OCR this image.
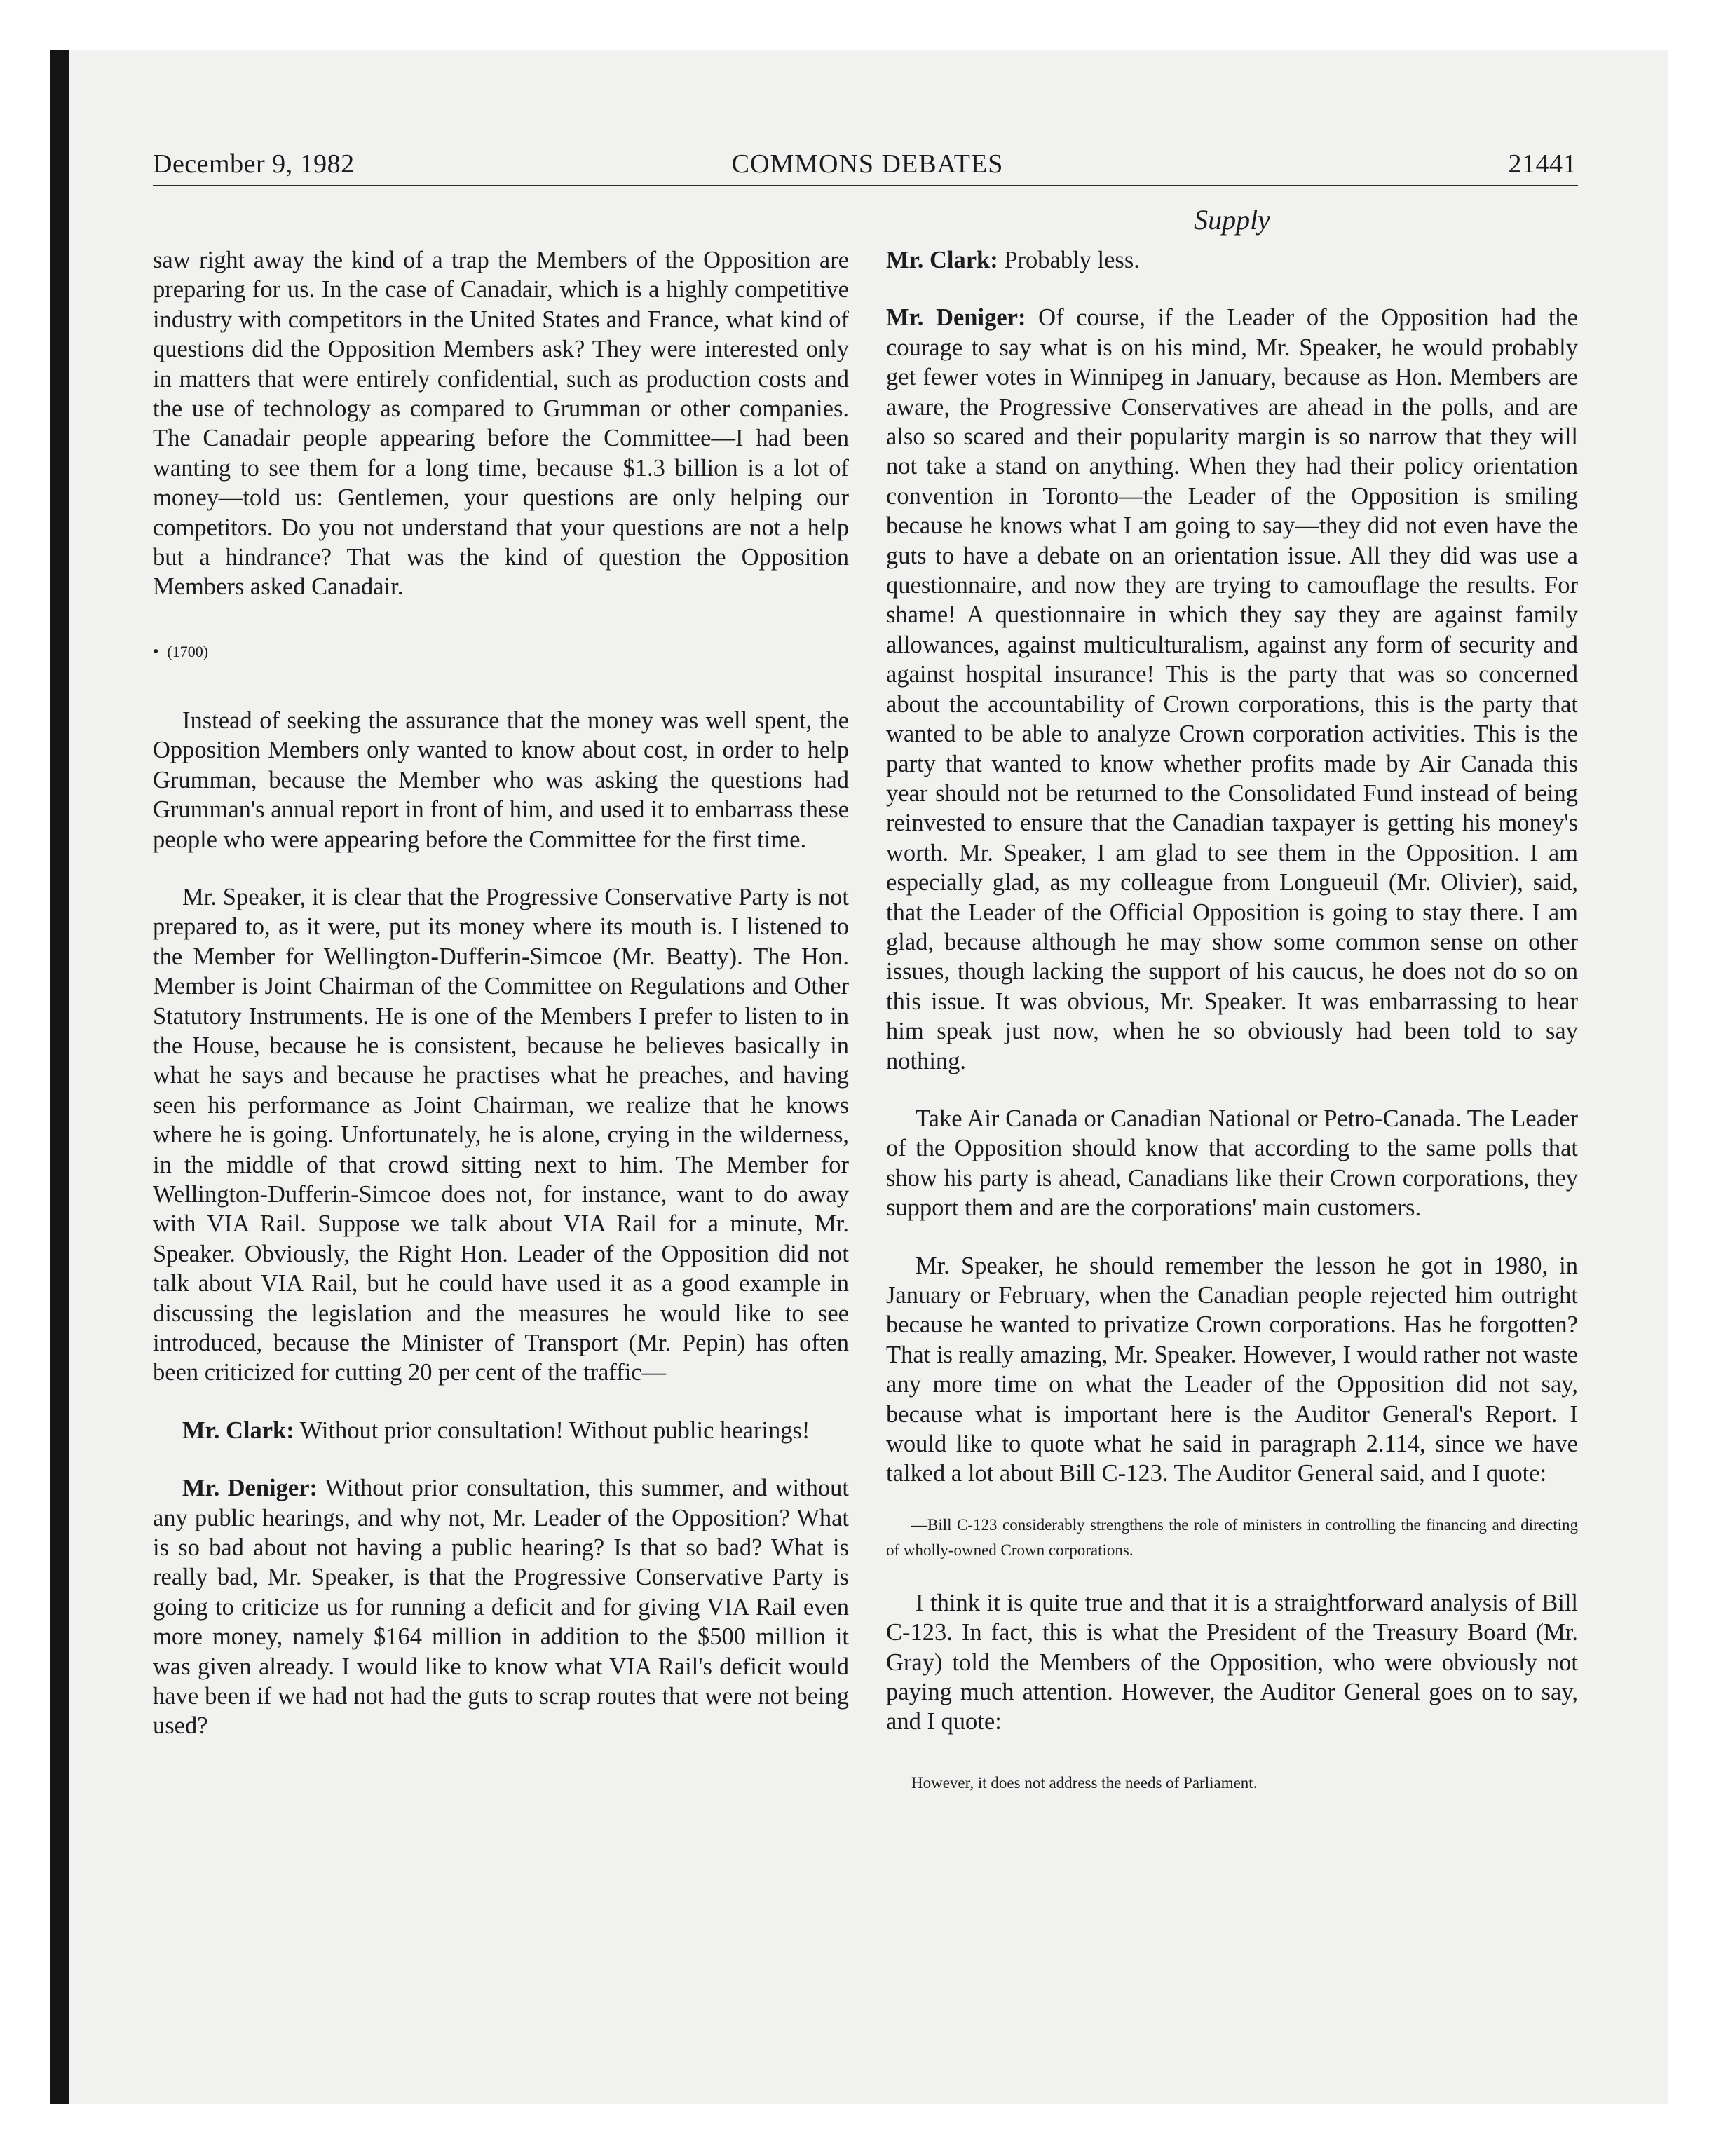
December 9, 1982	COMMONS DEBATES	21441
Supply

saw right away the kind of a trap the Members of the Opposition are preparing for us. In the case of Canadair, which is a highly competitive industry with competitors in the United States and France, what kind of questions did the Opposition Members ask? They were interested only in matters that were entirely confidential, such as production costs and the use of technology as compared to Grumman or other companies. The Canadair people appearing before the Committee—I had been wanting to see them for a long time, because $1.3 billion is a lot of money—told us: Gentlemen, your questions are only helping our competitors. Do you not understand that your questions are not a help but a hindrance? That was the kind of question the Opposition Members asked Canadair.

• (1700)

Instead of seeking the assurance that the money was well spent, the Opposition Members only wanted to know about cost, in order to help Grumman, because the Member who was asking the questions had Grumman's annual report in front of him, and used it to embarrass these people who were appearing before the Committee for the first time.

Mr. Speaker, it is clear that the Progressive Conservative Party is not prepared to, as it were, put its money where its mouth is. I listened to the Member for Wellington-Dufferin-Simcoe (Mr. Beatty). The Hon. Member is Joint Chairman of the Committee on Regulations and Other Statutory Instruments. He is one of the Members I prefer to listen to in the House, because he is consistent, because he believes basically in what he says and because he practises what he preaches, and having seen his performance as Joint Chairman, we realize that he knows where he is going. Unfortunately, he is alone, crying in the wilderness, in the middle of that crowd sitting next to him. The Member for Wellington-Dufferin-Simcoe does not, for instance, want to do away with VIA Rail. Suppose we talk about VIA Rail for a minute, Mr. Speaker. Obviously, the Right Hon. Leader of the Opposition did not talk about VIA Rail, but he could have used it as a good example in discussing the legislation and the measures he would like to see introduced, because the Minister of Transport (Mr. Pepin) has often been criticized for cutting 20 per cent of the traffic—

Mr. Clark: Without prior consultation! Without public hearings!

Mr. Deniger: Without prior consultation, this summer, and without any public hearings, and why not, Mr. Leader of the Opposition? What is so bad about not having a public hearing? Is that so bad? What is really bad, Mr. Speaker, is that the Progressive Conservative Party is going to criticize us for running a deficit and for giving VIA Rail even more money, namely $164 million in addition to the $500 million it was given already. I would like to know what VIA Rail's deficit would have been if we had not had the guts to scrap routes that were not being used?

Mr. Clark: Probably less.

Mr. Deniger: Of course, if the Leader of the Opposition had the courage to say what is on his mind, Mr. Speaker, he would probably get fewer votes in Winnipeg in January, because as Hon. Members are aware, the Progressive Conservatives are ahead in the polls, and are also so scared and their popularity margin is so narrow that they will not take a stand on anything. When they had their policy orientation convention in Toronto—the Leader of the Opposition is smiling because he knows what I am going to say—they did not even have the guts to have a debate on an orientation issue. All they did was use a questionnaire, and now they are trying to camouflage the results. For shame! A questionnaire in which they say they are against family allowances, against multiculturalism, against any form of security and against hospital insurance! This is the party that was so concerned about the accountability of Crown corporations, this is the party that wanted to be able to analyze Crown corporation activities. This is the party that wanted to know whether profits made by Air Canada this year should not be returned to the Consolidated Fund instead of being reinvested to ensure that the Canadian taxpayer is getting his money's worth. Mr. Speaker, I am glad to see them in the Opposition. I am especially glad, as my colleague from Longueuil (Mr. Olivier), said, that the Leader of the Official Opposition is going to stay there. I am glad, because although he may show some common sense on other issues, though lacking the support of his caucus, he does not do so on this issue. It was obvious, Mr. Speaker. It was embarrassing to hear him speak just now, when he so obviously had been told to say nothing.

Take Air Canada or Canadian National or Petro-Canada. The Leader of the Opposition should know that according to the same polls that show his party is ahead, Canadians like their Crown corporations, they support them and are the corporations' main customers.

Mr. Speaker, he should remember the lesson he got in 1980, in January or February, when the Canadian people rejected him outright because he wanted to privatize Crown corporations. Has he forgotten? That is really amazing, Mr. Speaker. However, I would rather not waste any more time on what the Leader of the Opposition did not say, because what is important here is the Auditor General's Report. I would like to quote what he said in paragraph 2.114, since we have talked a lot about Bill C-123. The Auditor General said, and I quote:

—Bill C-123 considerably strengthens the role of ministers in controlling the financing and directing of wholly-owned Crown corporations.

I think it is quite true and that it is a straightforward analysis of Bill C-123. In fact, this is what the President of the Treasury Board (Mr. Gray) told the Members of the Opposition, who were obviously not paying much attention. However, the Auditor General goes on to say, and I quote:

However, it does not address the needs of Parliament.
